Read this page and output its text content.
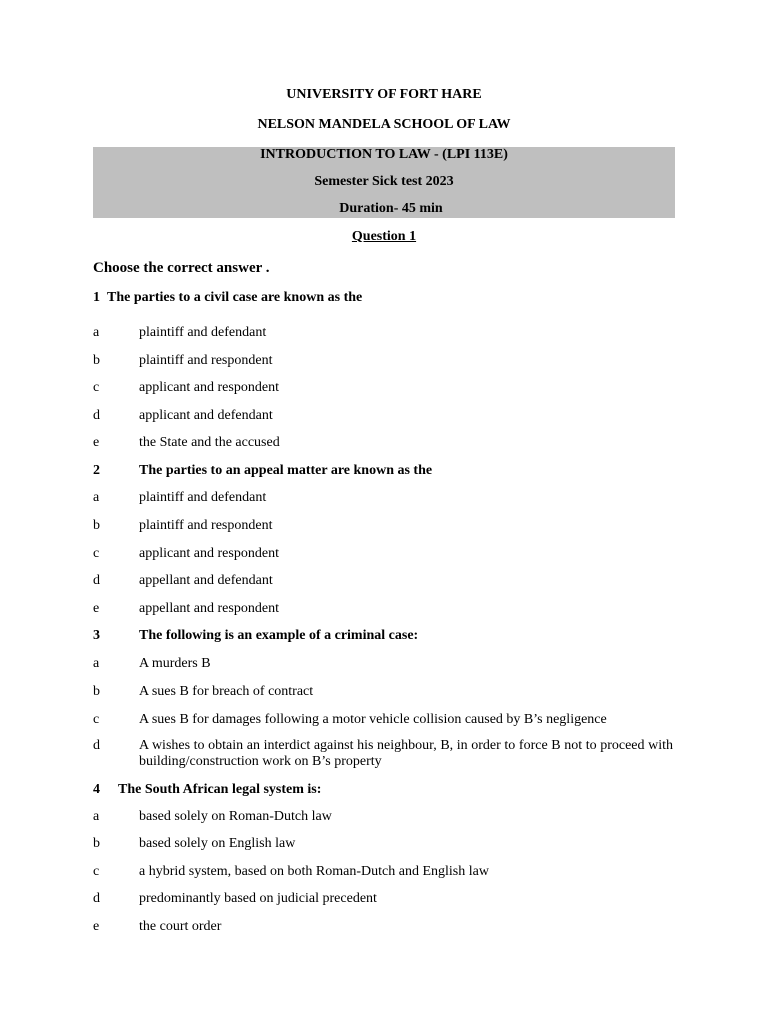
UNIVERSITY OF FORT HARE
NELSON MANDELA SCHOOL OF LAW
INTRODUCTION TO LAW - (LPI 113E)
Semester Sick test 2023
Duration- 45 min
Question 1
Choose the correct answer .
1 The parties to a civil case are known as the
a	plaintiff and defendant
b	plaintiff and respondent
c	applicant and respondent
d	applicant and defendant
e	the State and the accused
2	The parties to an appeal matter are known as the
a	plaintiff and defendant
b	plaintiff and respondent
c	applicant and respondent
d	appellant and defendant
e	appellant and respondent
3	The following is an example of a criminal case:
a	A murders B
b	A sues B for breach of contract
c	A sues B for damages following a motor vehicle collision caused by B’s negligence
d	A wishes to obtain an interdict against his neighbour, B, in order to force B not to proceed with building/construction work on B’s property
4 The South African legal system is:
a	based solely on Roman-Dutch law
b	based solely on English law
c	a hybrid system, based on both Roman-Dutch and English law
d	predominantly based on judicial precedent
e	the court order
